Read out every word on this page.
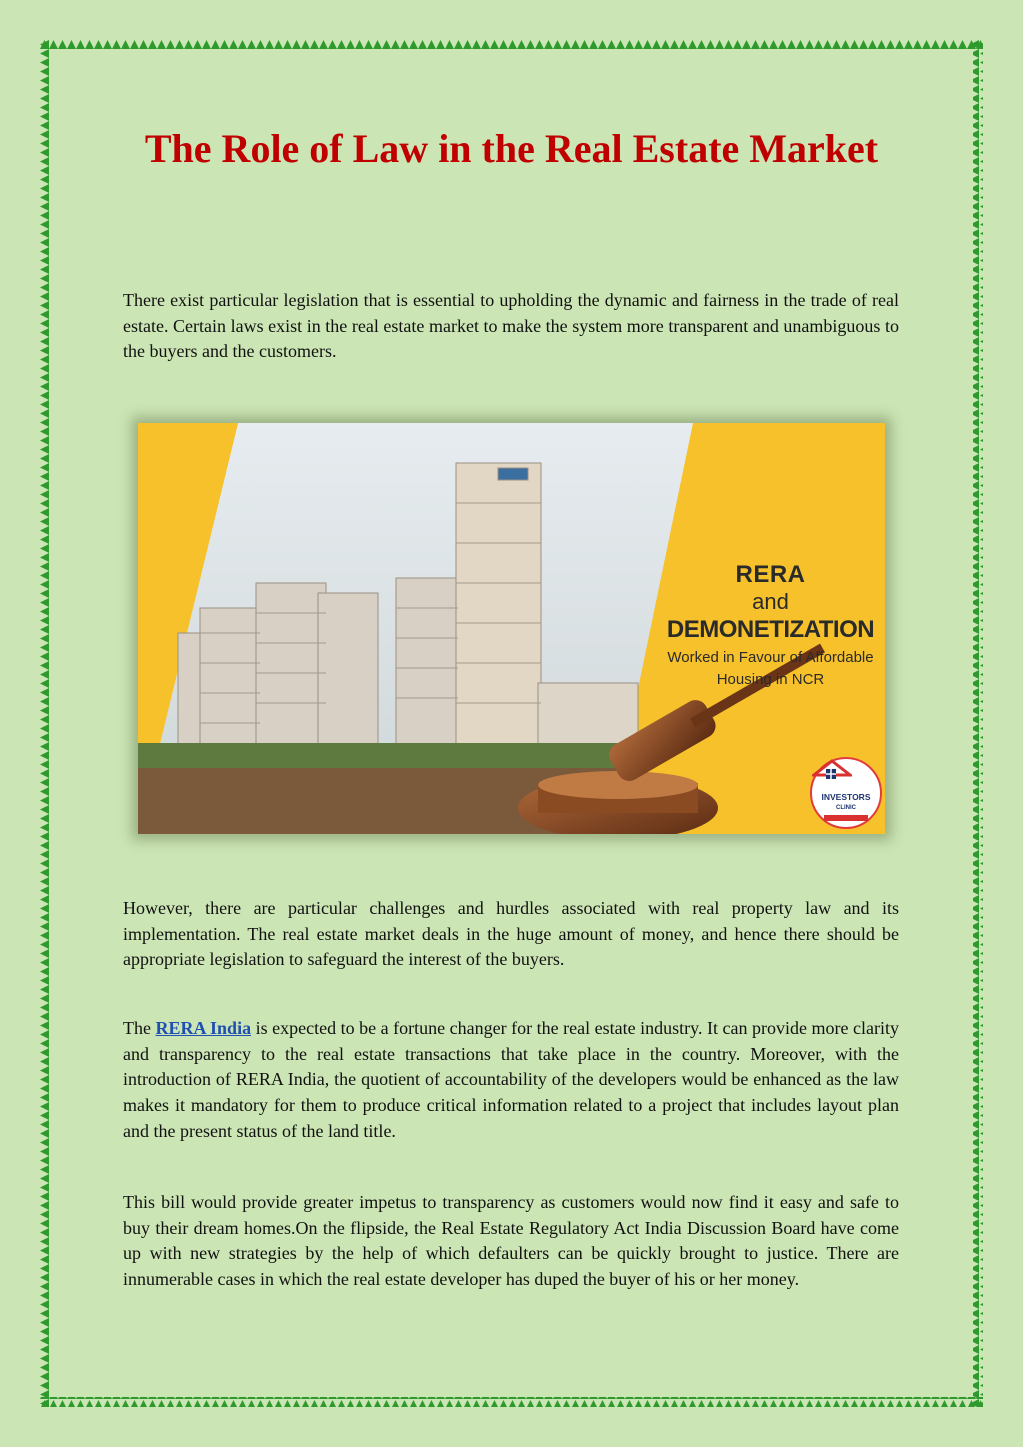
The Role of Law in the Real Estate Market

There exist particular legislation that is essential to upholding the dynamic and fairness in the trade of real estate. Certain laws exist in the real estate market to make the system more transparent and unambiguous to the buyers and the customers.

RERA
and
DEMONETIZATION
Worked in Favour of Affordable
Housing in NCR
INVESTORS
CLINIC

However, there are particular challenges and hurdles associated with real property law and its implementation. The real estate market deals in the huge amount of money, and hence there should be appropriate legislation to safeguard the interest of the buyers.

The RERA India is expected to be a fortune changer for the real estate industry. It can provide more clarity and transparency to the real estate transactions that take place in the country. Moreover, with the introduction of RERA India, the quotient of accountability of the developers would be enhanced as the law makes it mandatory for them to produce critical information related to a project that includes layout plan and the present status of the land title.

This bill would provide greater impetus to transparency as customers would now find it easy and safe to buy their dream homes.On the flipside, the Real Estate Regulatory Act India Discussion Board have come up with new strategies by the help of which defaulters can be quickly brought to justice. There are innumerable cases in which the real estate developer has duped the buyer of his or her money.
